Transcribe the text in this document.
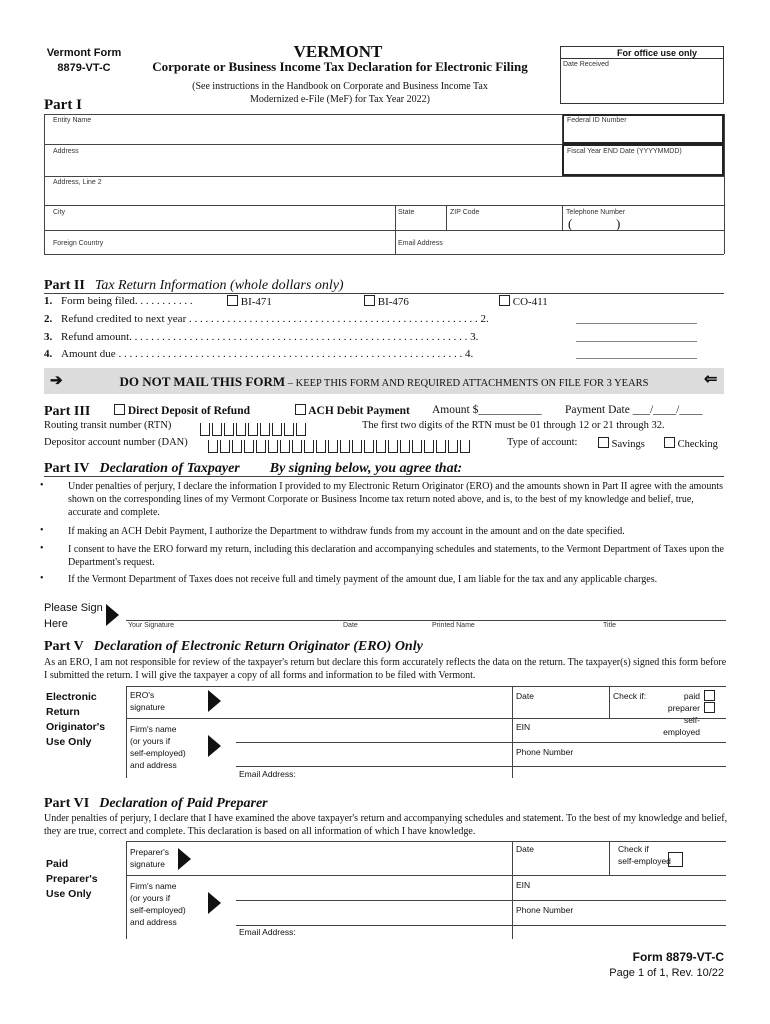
Vermont Form
8879-VT-C
VERMONT
Corporate or Business Income Tax Declaration for Electronic Filing
(See instructions in the Handbook on Corporate and Business Income Tax
Modernized e-File (MeF) for Tax Year 2022)
For office use only
Date Received
Part I
Entity Name	Federal ID Number
Address	Fiscal Year END Date (YYYYMMDD)
Address, Line 2
City	State	ZIP Code	Telephone Number
(	)
Foreign Country	Email Address
Part II Tax Return Information (whole dollars only)
1. Form being filed. . . . . . . . . . .	BI-471	BI-476	CO-411
2. Refund credited to next year . . . . . . . . . . . . . . . . . . . . . . . . . . . . . . . . . . . . . . . . . . . . . . . . . . . . . 2.	______________________
3. Refund amount. . . . . . . . . . . . . . . . . . . . . . . . . . . . . . . . . . . . . . . . . . . . . . . . . . . . . . . . . . . . . . 3.	______________________
4. Amount due . . . . . . . . . . . . . . . . . . . . . . . . . . . . . . . . . . . . . . . . . . . . . . . . . . . . . . . . . . . . . . . 4.	______________________
➔	DO NOT MAIL THIS FORM – KEEP THIS FORM AND REQUIRED ATTACHMENTS ON FILE FOR 3 YEARS	⇐
Part III	Direct Deposit of Refund	ACH Debit Payment Amount $___________ Payment Date ___/____/____
Routing transit number (RTN)	The first two digits of the RTN must be 01 through 12 or 21 through 32.
Depositor account number (DAN)	Type of account:	Savings	Checking
Part IV Declaration of Taxpayer By signing below, you agree that:
• Under penalties of perjury, I declare the information I provided to my Electronic Return Originator (ERO) and the amounts shown in Part II agree with the amounts shown on the corresponding lines of my Vermont Corporate or Business Income tax return noted above, and is, to the best of my knowledge and belief, true, accurate and complete.
• If making an ACH Debit Payment, I authorize the Department to withdraw funds from my account in the amount and on the date specified.
• I consent to have the ERO forward my return, including this declaration and accompanying schedules and statements, to the Vermont Department of Taxes upon the Department's request.
• If the Vermont Department of Taxes does not receive full and timely payment of the amount due, I am liable for the tax and any applicable charges.
Please Sign
Here	Your Signature	Date	Printed Name	Title
Part V Declaration of Electronic Return Originator (ERO) Only
As an ERO, I am not responsible for review of the taxpayer's return but declare this form accurately reflects the data on the return. The taxpayer(s) signed this form before I submitted the return. I will give the taxpayer a copy of all forms and information to be filed with Vermont.
Electronic
Return
Originator's
Use Only
ERO's
signature
Date	Check if:	paid preparer
self-employed
Firm's name
(or yours if
self-employed)
and address
EIN
Phone Number
Email Address:
Part VI Declaration of Paid Preparer
Under penalties of perjury, I declare that I have examined the above taxpayer's return and accompanying schedules and statement. To the best of my knowledge and belief, they are true, correct and complete. This declaration is based on all information of which I have knowledge.
Paid
Preparer's
Use Only
Preparer's
signature
Date	Check if
self-employed
Firm's name
(or yours if
self-employed)
and address
EIN
Phone Number
Email Address:
Form 8879-VT-C
Page 1 of 1, Rev. 10/22
